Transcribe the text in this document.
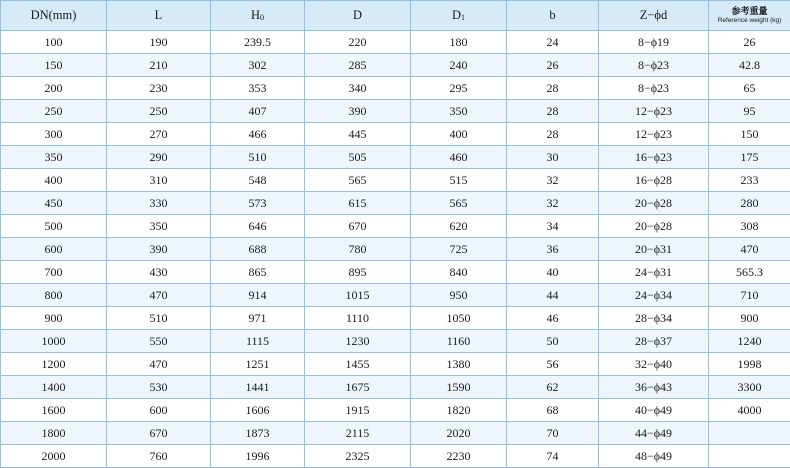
DN(mm)	L	$H_0$	D	$D_1$	b	Z−ϕd	参考重量
Reference weight (kg)

100	190	239.5	220	180	24	8−ϕ19	26
150	210	302	285	240	26	8−ϕ23	42.8
200	230	353	340	295	28	8−ϕ23	65
250	250	407	390	350	28	12−ϕ23	95
300	270	466	445	400	28	12−ϕ23	150
350	290	510	505	460	30	16−ϕ23	175
400	310	548	565	515	32	16−ϕ28	233
450	330	573	615	565	32	20−ϕ28	280
500	350	646	670	620	34	20−ϕ28	308
600	390	688	780	725	36	20−ϕ31	470
700	430	865	895	840	40	24−ϕ31	565.3
800	470	914	1015	950	44	24−ϕ34	710
900	510	971	1110	1050	46	28−ϕ34	900
1000	550	1115	1230	1160	50	28−ϕ37	1240
1200	470	1251	1455	1380	56	32−ϕ40	1998
1400	530	1441	1675	1590	62	36−ϕ43	3300
1600	600	1606	1915	1820	68	40−ϕ49	4000
1800	670	1873	2115	2020	70	44−ϕ49	
2000	760	1996	2325	2230	74	48−ϕ49	
